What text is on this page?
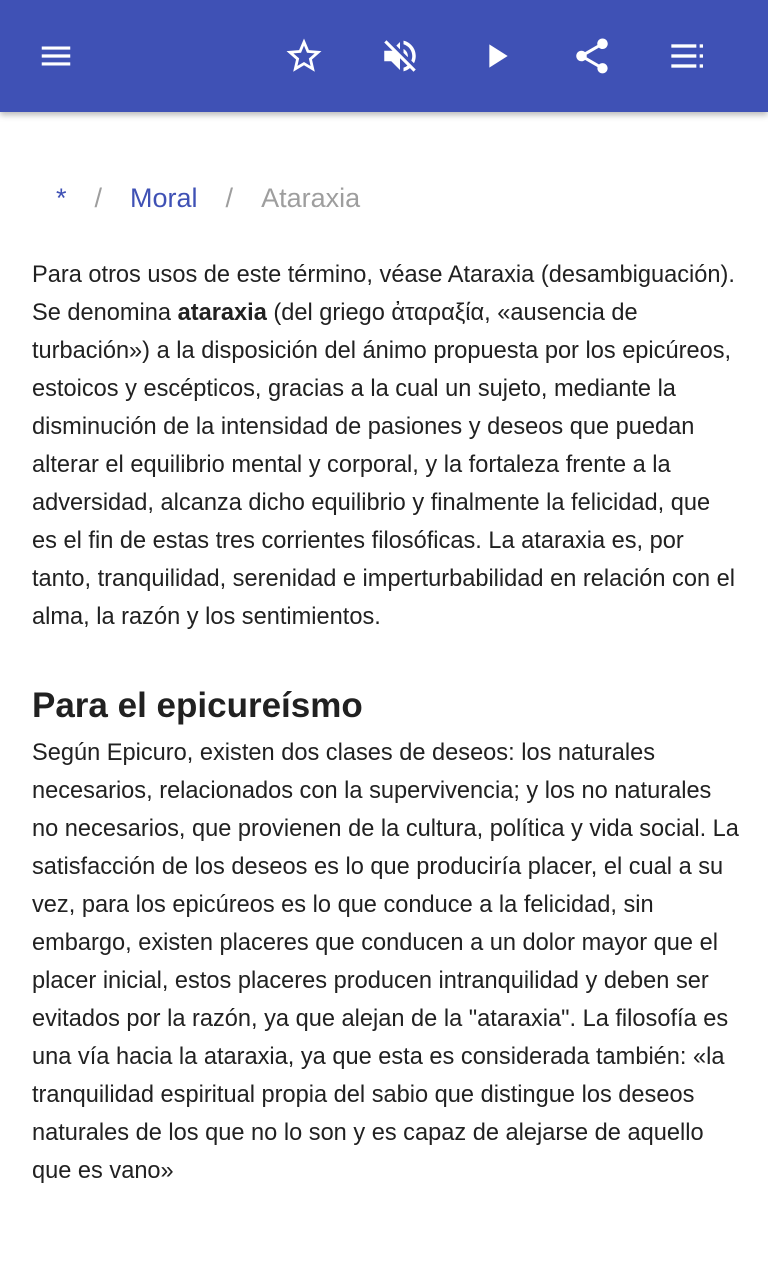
* / Moral / Ataraxia

Para otros usos de este término, véase Ataraxia (desambiguación).

Se denomina ataraxia (del griego ἀταραξία, «ausencia de turbación») a la disposición del ánimo propuesta por los epicúreos, estoicos y escépticos, gracias a la cual un sujeto, mediante la disminución de la intensidad de pasiones y deseos que puedan alterar el equilibrio mental y corporal, y la fortaleza frente a la adversidad, alcanza dicho equilibrio y finalmente la felicidad, que es el fin de estas tres corrientes filosóficas. La ataraxia es, por tanto, tranquilidad, serenidad e imperturbabilidad en relación con el alma, la razón y los sentimientos.

Para el epicureísmo

Según Epicuro, existen dos clases de deseos: los naturales necesarios, relacionados con la supervivencia; y los no naturales no necesarios, que provienen de la cultura, política y vida social. La satisfacción de los deseos es lo que produciría placer, el cual a su vez, para los epicúreos es lo que conduce a la felicidad, sin embargo, existen placeres que conducen a un dolor mayor que el placer inicial, estos placeres producen intranquilidad y deben ser evitados por la razón, ya que alejan de la "ataraxia". La filosofía es una vía hacia la ataraxia, ya que esta es considerada también: «la tranquilidad espiritual propia del sabio que distingue los deseos naturales de los que no lo son y es capaz de alejarse de aquello que es vano»
